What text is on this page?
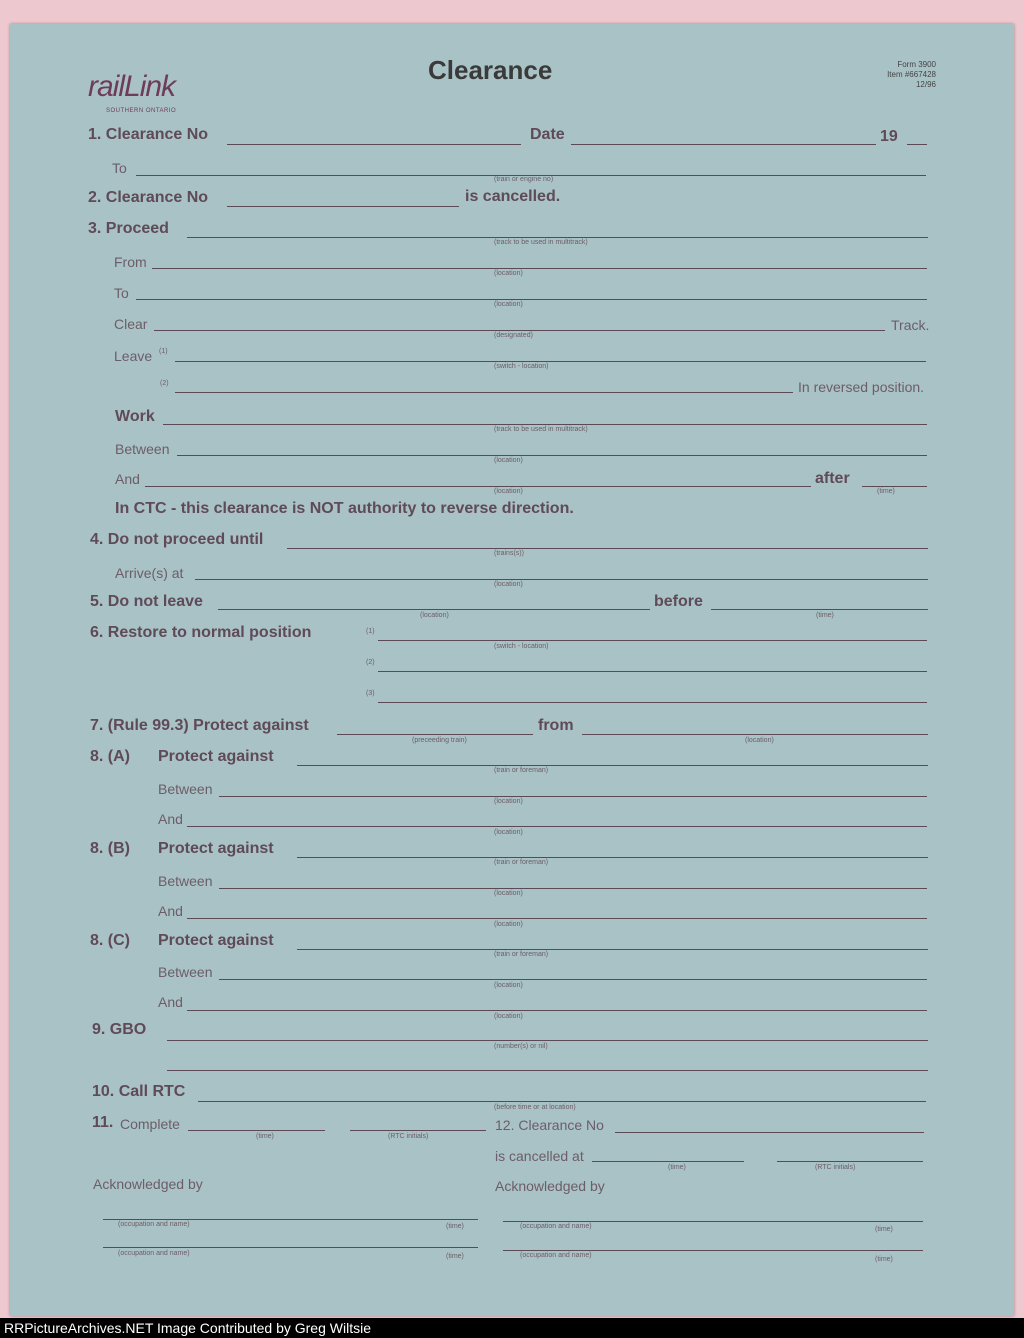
railLink
SOUTHERN ONTARIO
Clearance	Form 3900
Item #667428
12/96
1. Clearance No	Date	19
To
(train or engine no)
2. Clearance No	is cancelled.
3. Proceed
(track to be used in multitrack)
From
(location)
To
(location)
Clear
(designated)
Track.
Leave (1)
(switch - location)
(2)	In reversed position.
Work
(track to be used in multitrack)
Between
(location)
And
(location)
after
(time)
In CTC - this clearance is NOT authority to reverse direction.
4. Do not proceed until
(trains(s))
Arrive(s) at
(location)
5. Do not leave
(location)
before
(time)
6. Restore to normal position	(1)
(switch - location)
(2)
(3)
7. (Rule 99.3) Protect against
(preceeding train)
from
(location)
8. (A) Protect against
(train or foreman)
Between
(location)
And
(location)
8. (B) Protect against
(train or foreman)
Between
(location)
And
(location)
8. (C) Protect against
(train or foreman)
Between
(location)
And
(location)
9. GBO
(number(s) or nil)
10. Call RTC
(before time or at location)
11. Complete
(time)	(RTC initials)
12. Clearance No
is cancelled at
(time)	(RTC initials)
Acknowledged by
(occupation and name)	(time)
(occupation and name)	(time)
Acknowledged by
(occupation and name)	(time)
(occupation and name)
(time)
RRPictureArchives.NET Image Contributed by Greg Wiltsie
